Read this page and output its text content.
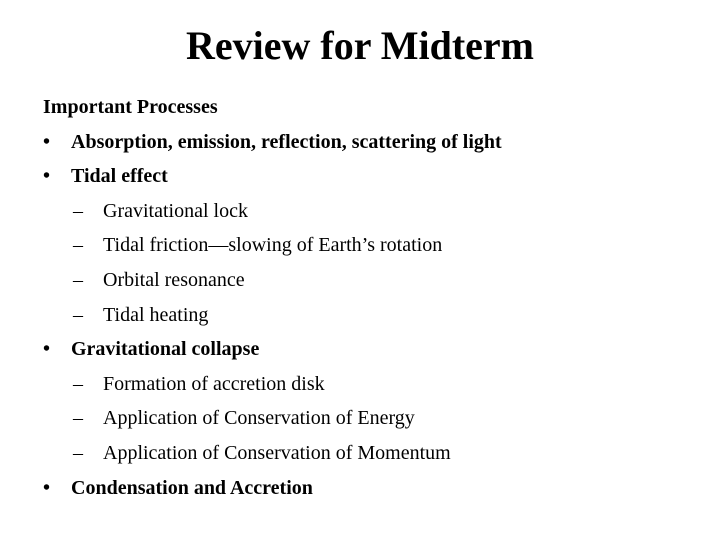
Review for Midterm
Important Processes
• Absorption, emission, reflection, scattering of light
• Tidal effect
– Gravitational lock
– Tidal friction—slowing of Earth’s rotation
– Orbital resonance
– Tidal heating
• Gravitational collapse
– Formation of accretion disk
– Application of Conservation of Energy
– Application of Conservation of Momentum
• Condensation and Accretion
